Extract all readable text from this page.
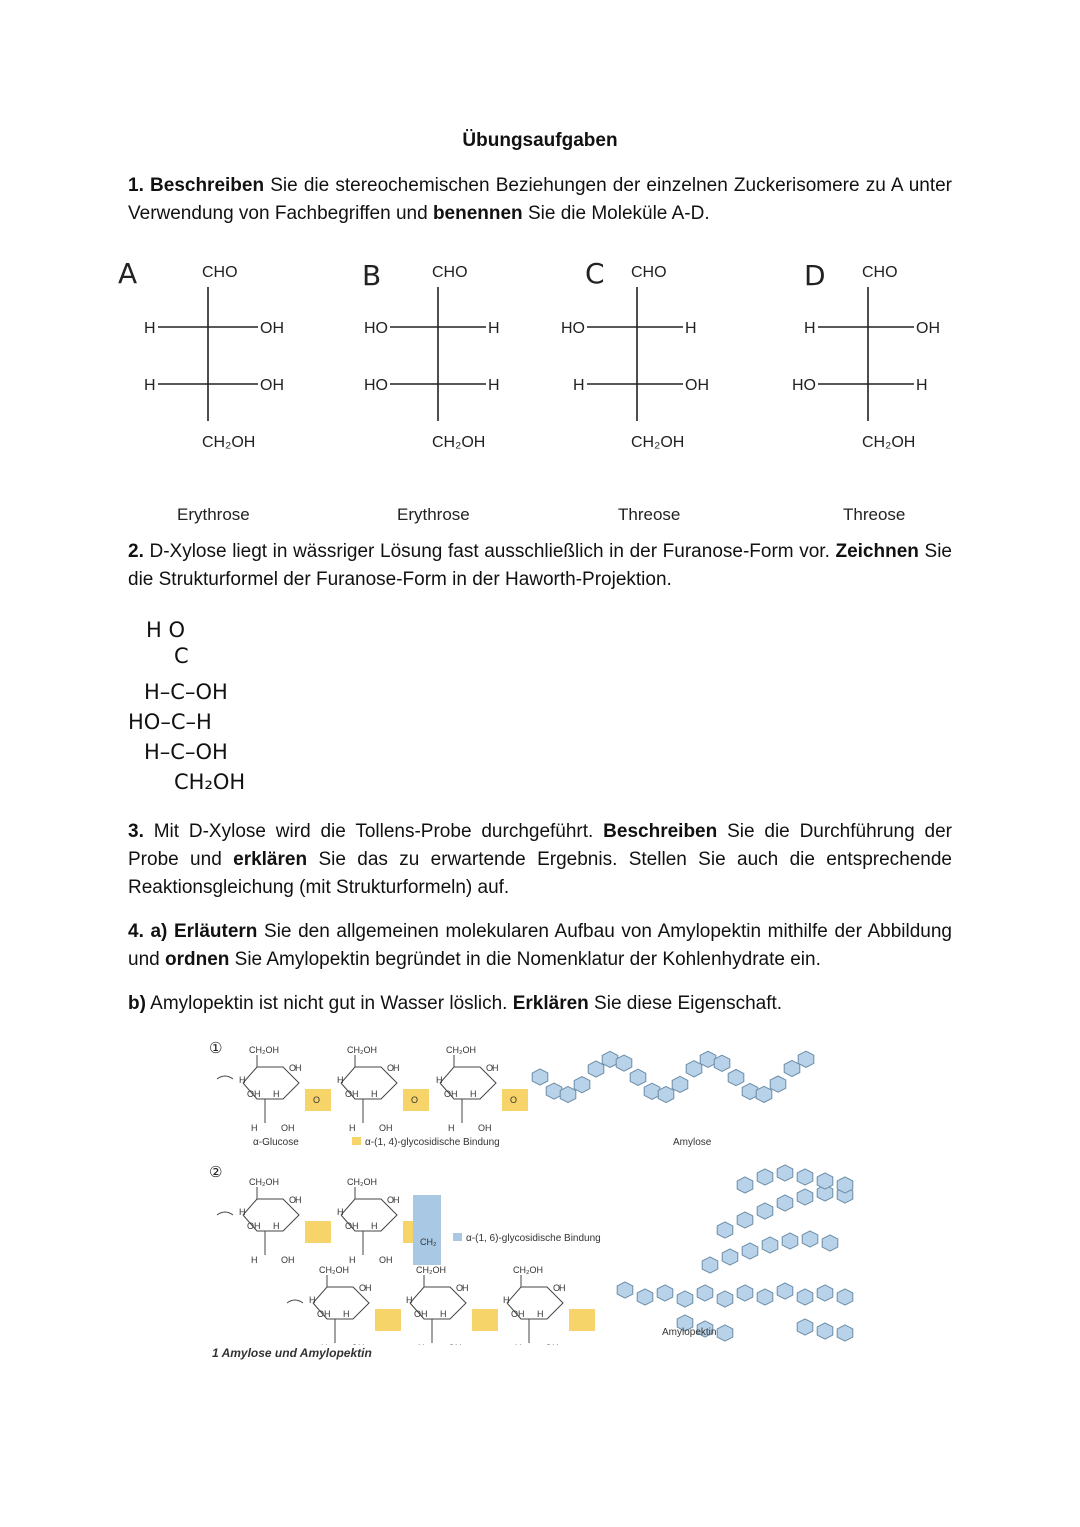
Übungsaufgaben
1. Beschreiben Sie die stereochemischen Beziehungen der einzelnen Zuckerisomere zu A unter Verwendung von Fachbegriffen und benennen Sie die Moleküle A-D.
A	CHO
H	OH
H	OH
CH₂OH
B	CHO
HO	H
HO	H
CH₂OH
C CHO
HO	H
H	OH
CH₂OH
D CHO
H	OH
HO	H
CH₂OH
Erythrose	Erythrose	Threose	Threose
2. D-Xylose liegt in wässriger Lösung fast ausschließlich in der Furanose-Form vor. Zeichnen Sie die Strukturformel der Furanose-Form in der Haworth-Projektion.
H O
C
H–C–OH
HO–C–H
H–C–OH
CH₂OH
3. Mit D-Xylose wird die Tollens-Probe durchgeführt. Beschreiben Sie die Durchführung der Probe und erklären Sie das zu erwartende Ergebnis. Stellen Sie auch die entsprechende Reaktionsgleichung (mit Strukturformeln) auf.
4. a) Erläutern Sie den allgemeinen molekularen Aufbau von Amylopektin mithilfe der Abbildung und ordnen Sie Amylopektin begründet in die Nomenklatur der Kohlenhydrate ein.
b) Amylopektin ist nicht gut in Wasser löslich. Erklären Sie diese Eigenschaft.
CH₂OH
O
H
H
OH H
H	OH
O
CH₂OH
O
H
H
OH H
H	OH
O
CH₂OH
O
H
H
OH H
H	OH
O
CH₂OH
O
H
H
OH H
H	OH
CH₂OH
O
H
H
OH H
H	OH
CH₂
CH₂OH
O
H
H
OH H
CH₂OH
O
H
H
OH H
CH₂OH
O
H
H
OH H
①
②
α-Glucose	α-(1, 4)-glycosidische Bindung
α-(1, 6)-glycosidische Bindung
Amylose
Amylopektin
1 Amylose und Amylopektin
